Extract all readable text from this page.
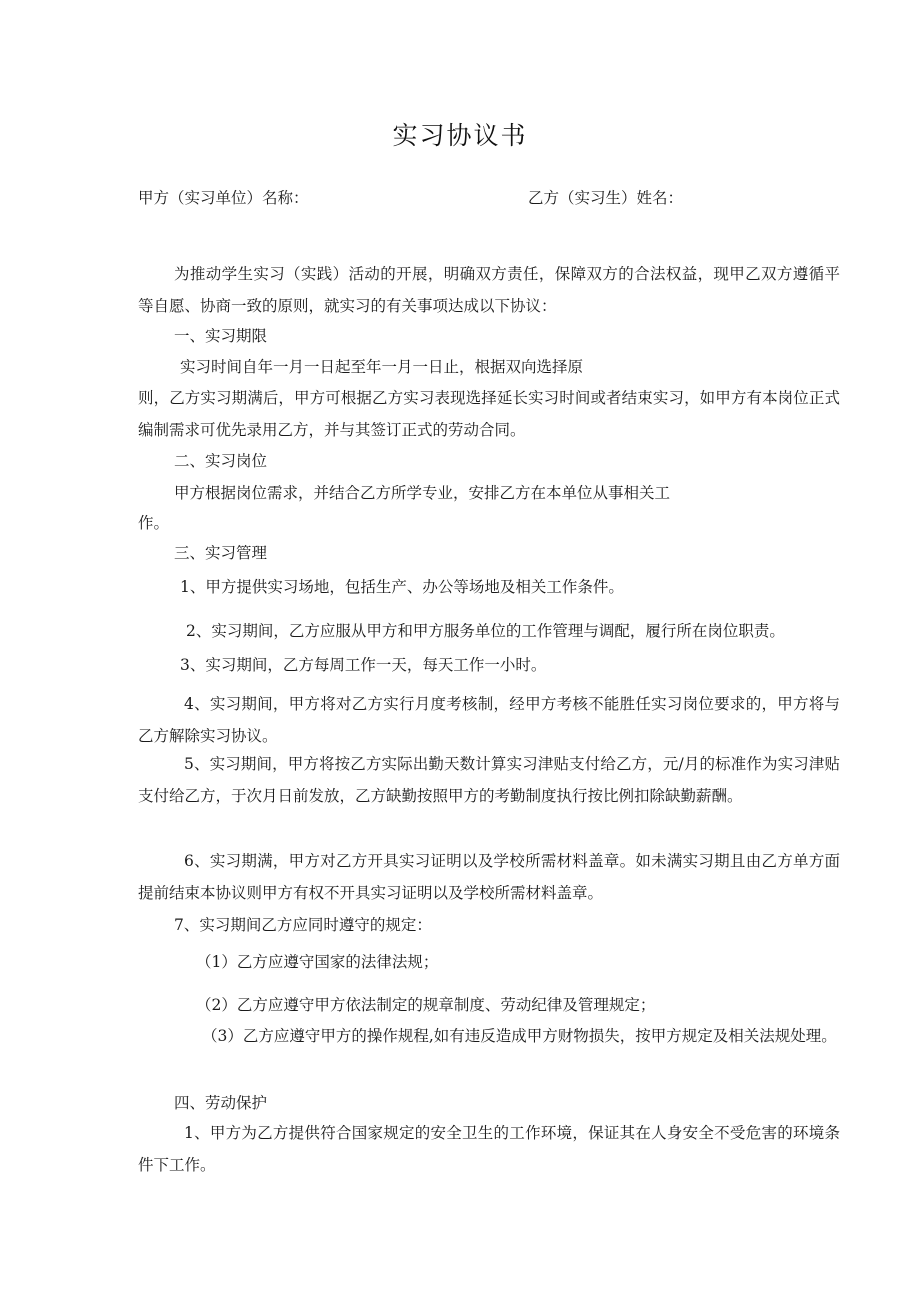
实习协议书
甲方（实习单位）名称：	乙方（实习生）姓名：
为推动学生实习（实践）活动的开展，明确双方责任，保障双方的合法权益，现甲乙双方遵循平等自愿、协商一致的原则，就实习的有关事项达成以下协议：
一、实习期限
实习时间自年一月一日起至年一月一日止，根据双向选择原
则，乙方实习期满后，甲方可根据乙方实习表现选择延长实习时间或者结束实习，如甲方有本岗位正式编制需求可优先录用乙方，并与其签订正式的劳动合同。
二、实习岗位
甲方根据岗位需求，并结合乙方所学专业，安排乙方在本单位从事相关工
作。
三、实习管理
1、甲方提供实习场地，包括生产、办公等场地及相关工作条件。
2、实习期间，乙方应服从甲方和甲方服务单位的工作管理与调配，履行所在岗位职责。
3、实习期间，乙方每周工作一天，每天工作一小时。
4、实习期间，甲方将对乙方实行月度考核制，经甲方考核不能胜任实习岗位要求的，甲方将与乙方解除实习协议。
5、实习期间，甲方将按乙方实际出勤天数计算实习津贴支付给乙方，元/月的标准作为实习津贴支付给乙方，于次月日前发放，乙方缺勤按照甲方的考勤制度执行按比例扣除缺勤薪酬。
6、实习期满，甲方对乙方开具实习证明以及学校所需材料盖章。如未满实习期且由乙方单方面提前结束本协议则甲方有权不开具实习证明以及学校所需材料盖章。
7、实习期间乙方应同时遵守的规定：
（1）乙方应遵守国家的法律法规；
（2）乙方应遵守甲方依法制定的规章制度、劳动纪律及管理规定；
（3）乙方应遵守甲方的操作规程,如有违反造成甲方财物损失，按甲方规定及相关法规处理。
四、劳动保护
1、甲方为乙方提供符合国家规定的安全卫生的工作环境，保证其在人身安全不受危害的环境条件下工作。
